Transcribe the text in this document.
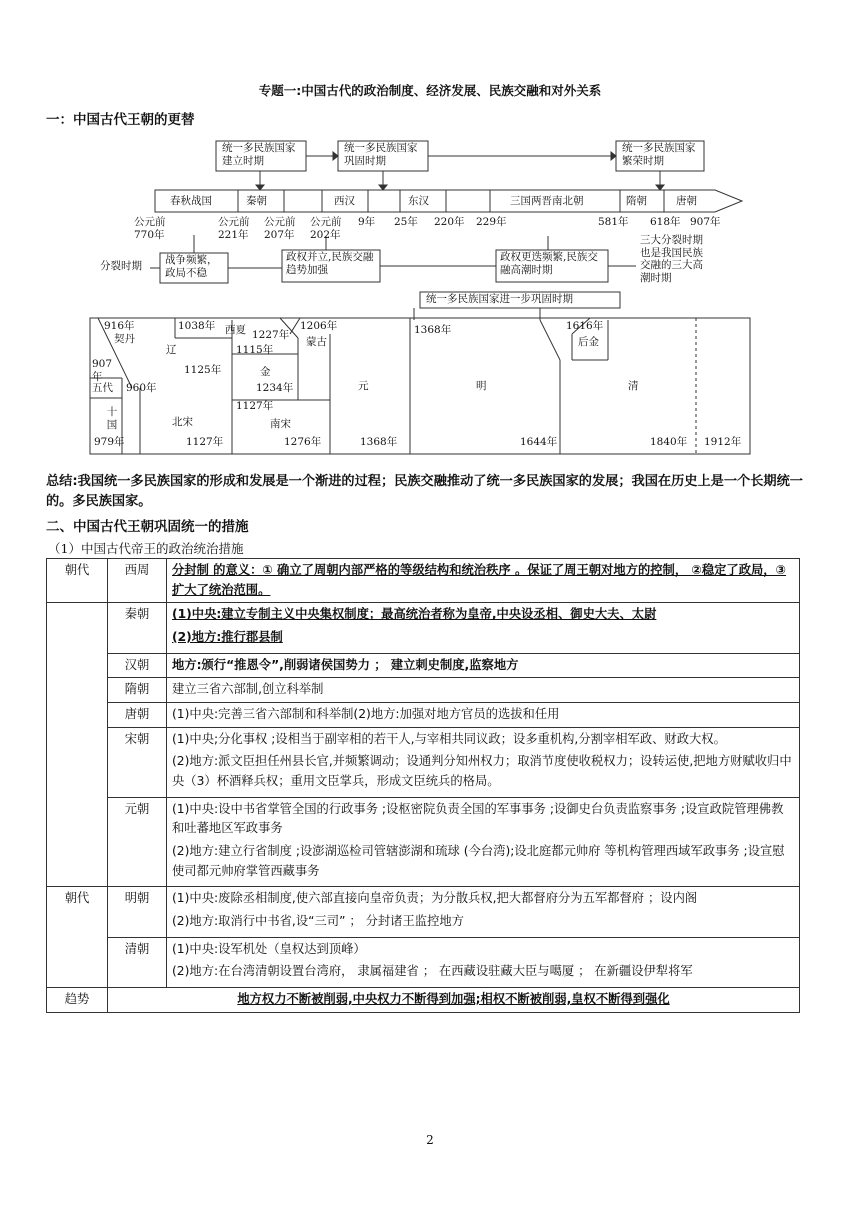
专题一:中国古代的政治制度、经济发展、民族交融和对外关系
一：中国古代王朝的更替
统一多民族国家建立时期
统一多民族国家巩固时期
统一多民族国家繁荣时期
春秋战国	秦朝	西汉	东汉	三国两晋南北朝	隋朝	唐朝
公元前770年
公元前221年
公元前207年
公元前202年
9年 25年 220年 229年	581年 618年 907年
分裂时期 战争频繁，政局不稳
政权并立,民族交融趋势加强
政权更迭频繁,民族交融高潮时期
三大分裂时期也是我国民族交融的三大高潮时期
统一多民族国家进一步巩固时期
916年
契丹
1038年 西夏 1227年
1206年
蒙古
辽
1125年
907年
五代 960年
1115年
金
1234年
十国
979年
北宋
1127年
1127年
南宋
1276年
元
1368年
1368年
明
1644年
1616年
后金
清
1840年 1912年
总结:我国统一多民族国家的形成和发展是一个渐进的过程；民族交融推动了统一多民族国家的发展；我国在历史上是一个长期统一的。多民族国家。
二、中国古代王朝巩固统一的措施
（1）中国古代帝王的政治统治措施
朝代	西周	分封制 的意义：① 确立了周朝内部严格的等级结构和统治秩序 。保证了周王朝对地方的控制， ②稳定了政局，③扩大了统治范围。
	秦朝	(1)中央:建立专制主义中央集权制度；最高统治者称为皇帝,中央设丞相、御史大夫、太尉
(2)地方:推行郡县制

	汉朝	地方:颁行“推恩令”,削弱诸侯国势力 ； 建立刺史制度,监察地方
	隋朝	建立三省六部制,创立科举制
	唐朝	(1)中央:完善三省六部制和科举制(2)地方:加强对地方官员的选拔和任用
	宋朝	(1)中央;分化事权 ;设相当于副宰相的若干人,与宰相共同议政；设多重机构,分割宰相军政、财政大权。
(2)地方:派文臣担任州县长官,并频繁调动；设通判分知州权力；取消节度使收税权力；设转运使,把地方财赋收归中央（3）杯酒释兵权；重用文臣掌兵，形成文臣统兵的格局。

	元朝	(1)中央:设中书省掌管全国的行政事务 ;设枢密院负责全国的军事事务 ;设御史台负责监察事务 ;设宣政院管理佛教和吐蕃地区军政事务
(2)地方:建立行省制度 ;设澎湖巡检司管辖澎湖和琉球 (今台湾);设北庭都元帅府 等机构管理西域军政事务 ;设宣慰使司都元帅府掌管西藏事务

朝代	明朝	(1)中央:废除丞相制度,使六部直接向皇帝负责；为分散兵权,把大都督府分为五军都督府 ；设内阁
(2)地方:取消行中书省,设“三司” ； 分封诸王监控地方

	清朝	(1)中央:设军机处（皇权达到顶峰）
(2)地方:在台湾清朝设置台湾府， 隶属福建省 ； 在西藏设驻藏大臣与噶厦 ； 在新疆设伊犁将军

趋势	地方权力不断被削弱,中央权力不断得到加强;相权不断被削弱,皇权不断得到强化	
2
